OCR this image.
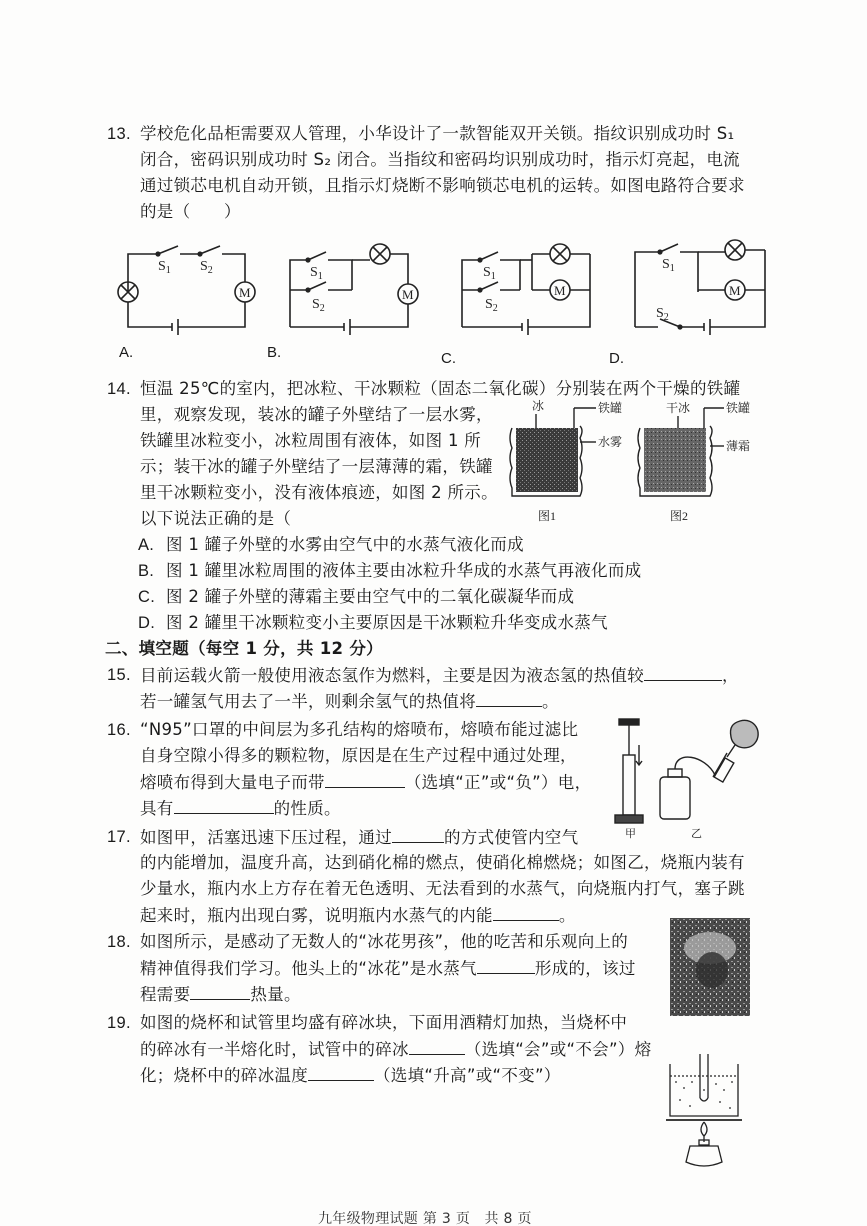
13. 学校危化品柜需要双人管理，小华设计了一款智能双开关锁。指纹识别成功时 S₁
闭合，密码识别成功时 S₂ 闭合。当指纹和密码均识别成功时，指示灯亮起，电流
通过锁芯电机自动开锁，且指示灯烧断不影响锁芯电机的运转。如图电路符合要求
的是（　　）
$S_1$ $S_2$
M
$S_1$
$S_2$
M
$S_1$
$S_2$
M
$S_1$
$S_2$
M
A.	B.	C.	D.
14. 恒温 25℃的室内，把冰粒、干冰颗粒（固态二氧化碳）分别装在两个干燥的铁罐
里，观察发现，装冰的罐子外壁结了一层水雾，
铁罐里冰粒变小，冰粒周围有液体，如图 1 所
示；装干冰的罐子外壁结了一层薄薄的霜，铁罐
里干冰颗粒变小，没有液体痕迹，如图 2 所示。
以下说法正确的是（
冰	铁罐
水雾
图1
干冰	铁罐
薄霜
图2
A. 图 1 罐子外壁的水雾由空气中的水蒸气液化而成
B. 图 1 罐里冰粒周围的液体主要由冰粒升华成的水蒸气再液化而成
C. 图 2 罐子外壁的薄霜主要由空气中的二氧化碳凝华而成
D. 图 2 罐里干冰颗粒变小主要原因是干冰颗粒升华变成水蒸气
二、填空题（每空 1 分，共 12 分）
15. 目前运载火箭一般使用液态氢作为燃料，主要是因为液态氢的热值较	，
若一罐氢气用去了一半，则剩余氢气的热值将	。
16. “N95”口罩的中间层为多孔结构的熔喷布，熔喷布能过滤比
自身空隙小得多的颗粒物，原因是在生产过程中通过处理，
熔喷布得到大量电子而带	（选填“正”或“负”）电，
具有	的性质。
甲	乙
17. 如图甲，活塞迅速下压过程，通过	的方式使管内空气
的内能增加，温度升高，达到硝化棉的燃点，使硝化棉燃烧；如图乙，烧瓶内装有
少量水，瓶内水上方存在着无色透明、无法看到的水蒸气，向烧瓶内打气，塞子跳
起来时，瓶内出现白雾，说明瓶内水蒸气的内能	。
18. 如图所示，是感动了无数人的“冰花男孩”，他的吃苦和乐观向上的
精神值得我们学习。他头上的“冰花”是水蒸气	形成的，该过
程需要	热量。
19. 如图的烧杯和试管里均盛有碎冰块，下面用酒精灯加热，当烧杯中
的碎冰有一半熔化时，试管中的碎冰	（选填“会”或“不会”）熔
化；烧杯中的碎冰温度	（选填“升高”或“不变”）
九年级物理试题 第 3 页　共 8 页
